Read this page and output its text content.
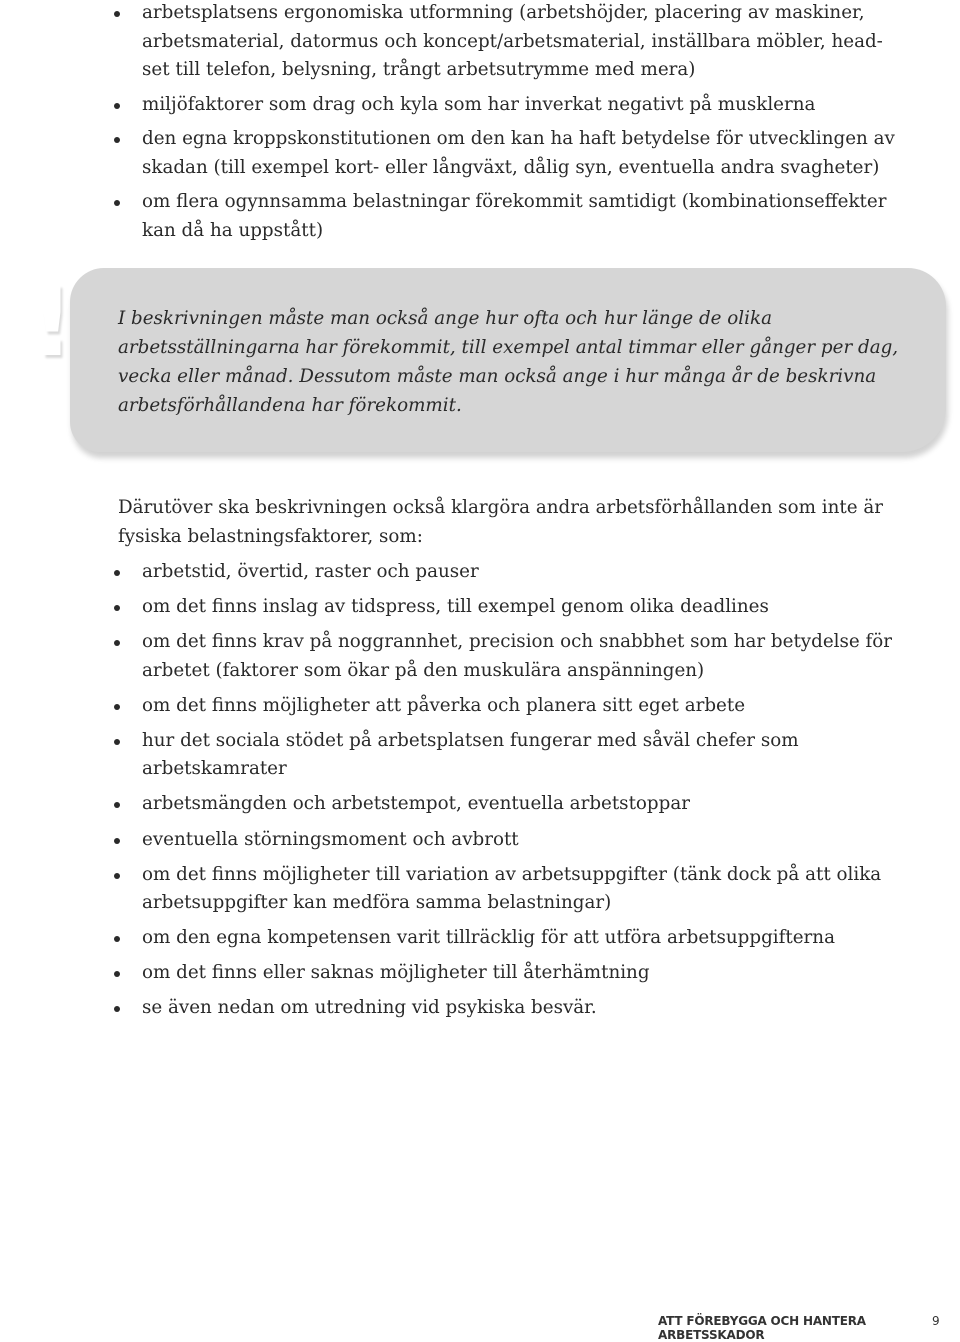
arbetsplatsens ergonomiska utformning (arbetshöjder, placering av maskiner, arbetsmaterial, datormus och koncept/arbetsmaterial, inställbara möbler, head-set till telefon, belysning, trångt arbetsutrymme med mera)
miljöfaktorer som drag och kyla som har inverkat negativt på musklerna
den egna kroppskonstitutionen om den kan ha haft betydelse för utvecklingen av skadan (till exempel kort- eller långväxt, dålig syn, eventuella andra svagheter)
om flera ogynnsamma belastningar förekommit samtidigt (kombinationseffekter kan då ha uppstått)
! I beskrivningen måste man också ange hur ofta och hur länge de olika arbetsställningarna har förekommit, till exempel antal timmar eller gånger per dag, vecka eller månad. Dessutom måste man också ange i hur många år de beskrivna arbetsförhållandena har förekommit.

Därutöver ska beskrivningen också klargöra andra arbetsförhållanden som inte är fysiska belastningsfaktorer, som:

arbetstid, övertid, raster och pauser
om det finns inslag av tidspress, till exempel genom olika deadlines
om det finns krav på noggrannhet, precision och snabbhet som har betydelse för arbetet (faktorer som ökar på den muskulära anspänningen)
om det finns möjligheter att påverka och planera sitt eget arbete
hur det sociala stödet på arbetsplatsen fungerar med såväl chefer som arbetskamrater
arbetsmängden och arbetstempot, eventuella arbetstoppar
eventuella störningsmoment och avbrott
om det finns möjligheter till variation av arbetsuppgifter (tänk dock på att olika arbetsuppgifter kan medföra samma belastningar)
om den egna kompetensen varit tillräcklig för att utföra arbetsuppgifterna
om det finns eller saknas möjligheter till återhämtning
se även nedan om utredning vid psykiska besvär.
ATT FÖREBYGGA OCH HANTERA ARBETSSKADOR
9
